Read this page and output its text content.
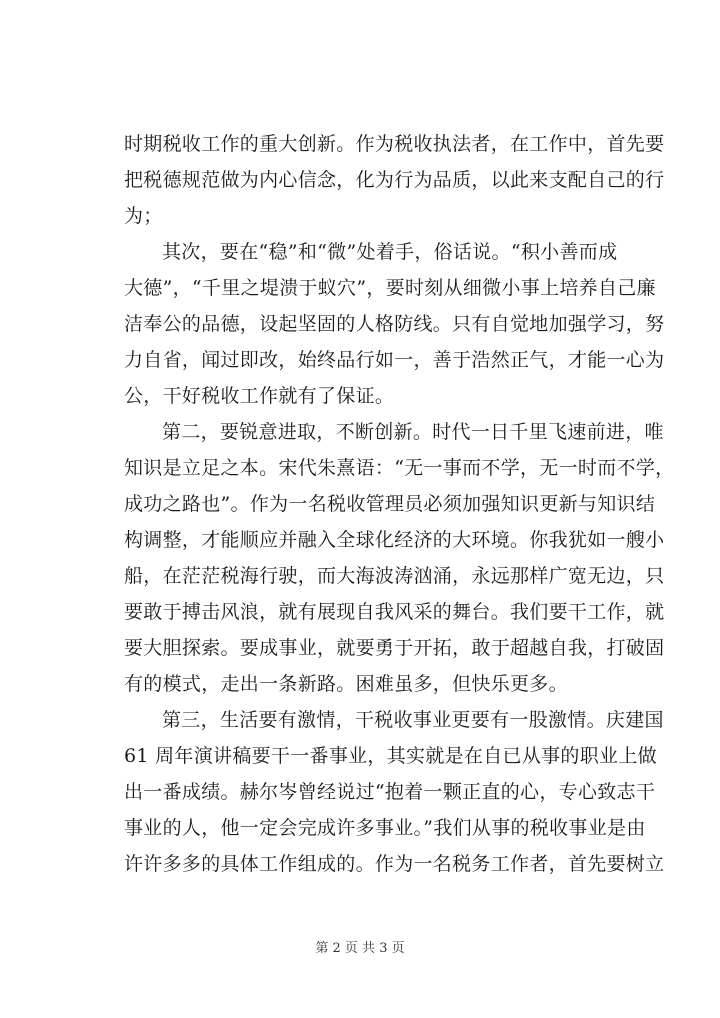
时期税收工作的重大创新。作为税收执法者，在工作中，首先要
把税德规范做为内心信念，化为行为品质，以此来支配自己的行
为；
其次，要在“稳”和“微”处着手，俗话说。“积小善而成
大德”，“千里之堤溃于蚁穴”，要时刻从细微小事上培养自己廉
洁奉公的品德，设起坚固的人格防线。只有自觉地加强学习，努
力自省，闻过即改，始终品行如一，善于浩然正气，才能一心为
公，干好税收工作就有了保证。
第二，要锐意进取，不断创新。时代一日千里飞速前进，唯
知识是立足之本。宋代朱熹语：“无一事而不学，无一时而不学，
成功之路也”。作为一名税收管理员必须加强知识更新与知识结
构调整，才能顺应并融入全球化经济的大环境。你我犹如一艘小
船，在茫茫税海行驶，而大海波涛汹涌，永远那样广宽无边，只
要敢于搏击风浪，就有展现自我风采的舞台。我们要干工作，就
要大胆探索。要成事业，就要勇于开拓，敢于超越自我，打破固
有的模式，走出一条新路。困难虽多，但快乐更多。
第三，生活要有激情，干税收事业更要有一股激情。庆建国
61 周年演讲稿要干一番事业，其实就是在自已从事的职业上做
出一番成绩。赫尔岑曾经说过“抱着一颗正直的心，专心致志干
事业的人，他一定会完成许多事业。”我们从事的税收事业是由
许许多多的具体工作组成的。作为一名税务工作者，首先要树立
第 2 页 共 3 页
